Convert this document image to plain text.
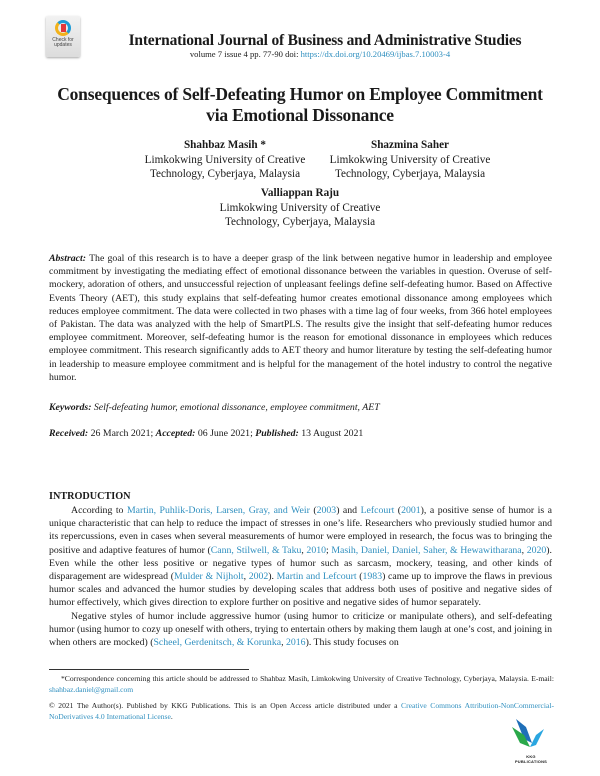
Check for
updates	International Journal of Business and Administrative Studies
volume 7 issue 4 pp. 77-90 doi: https://dx.doi.org/10.20469/ijbas.7.10003-4
Consequences of Self-Defeating Humor on Employee Commitment
via Emotional Dissonance
Shahbaz Masih *
Limkokwing University of Creative
Technology, Cyberjaya, Malaysia
Shazmina Saher
Limkokwing University of Creative
Technology, Cyberjaya, Malaysia
Valliappan Raju
Limkokwing University of Creative
Technology, Cyberjaya, Malaysia
Abstract: The goal of this research is to have a deeper grasp of the link between negative humor in leadership and employee commitment by investigating the mediating effect of emotional dissonance between the variables in question. Overuse of self-mockery, adoration of others, and unsuccessful rejection of unpleasant feelings define self-defeating humor. Based on Affective Events Theory (AET), this study explains that self-defeating humor creates emotional dissonance among employees which reduces employee commitment. The data were collected in two phases with a time lag of four weeks, from 366 hotel employees of Pakistan. The data was analyzed with the help of SmartPLS. The results give the insight that self-defeating humor reduces employee commitment. Moreover, self-defeating humor is the reason for emotional dissonance in employees which reduces employee commitment. This research significantly adds to AET theory and humor literature by testing the self-defeating humor in leadership to measure employee commitment and is helpful for the management of the hotel industry to control the negative humor.
Keywords: Self-defeating humor, emotional dissonance, employee commitment, AET
Received: 26 March 2021; Accepted: 06 June 2021; Published: 13 August 2021
INTRODUCTION

According to Martin, Puhlik-Doris, Larsen, Gray, and Weir (2003) and Lefcourt (2001), a positive sense of humor is a unique characteristic that can help to reduce the impact of stresses in one’s life. Researchers who previously studied humor and its repercussions, even in cases when several measurements of humor were employed in research, the focus was to bringing the positive and adaptive features of humor (Cann, Stilwell, & Taku, 2010; Masih, Daniel, Daniel, Saher, & Hewawitharana, 2020). Even while the other less positive or negative types of humor such as sarcasm, mockery, teasing, and other kinds of disparagement are widespread (Mulder & Nijholt, 2002). Martin and Lefcourt (1983) came up to improve the flaws in previous humor scales and advanced the humor studies by developing scales that address both uses of positive and negative sides of humor effectively, which gives direction to explore further on positive and negative sides of humor separately.

Negative styles of humor include aggressive humor (using humor to criticize or manipulate others), and self-defeating humor (using humor to cozy up oneself with others, trying to entertain others by making them laugh at one’s cost, and joining in when others are mocked) (Scheel, Gerdenitsch, & Korunka, 2016). This study focuses on

*Correspondence concerning this article should be addressed to Shahbaz Masih, Limkokwing University of Creative Technology, Cyberjaya, Malaysia. E-mail: shahbaz.daniel@gmail.com
© 2021 The Author(s). Published by KKG Publications. This is an Open Access article distributed under a Creative Commons Attribution-NonCommercial-NoDerivatives 4.0 International License.
KKG PUBLICATIONS
